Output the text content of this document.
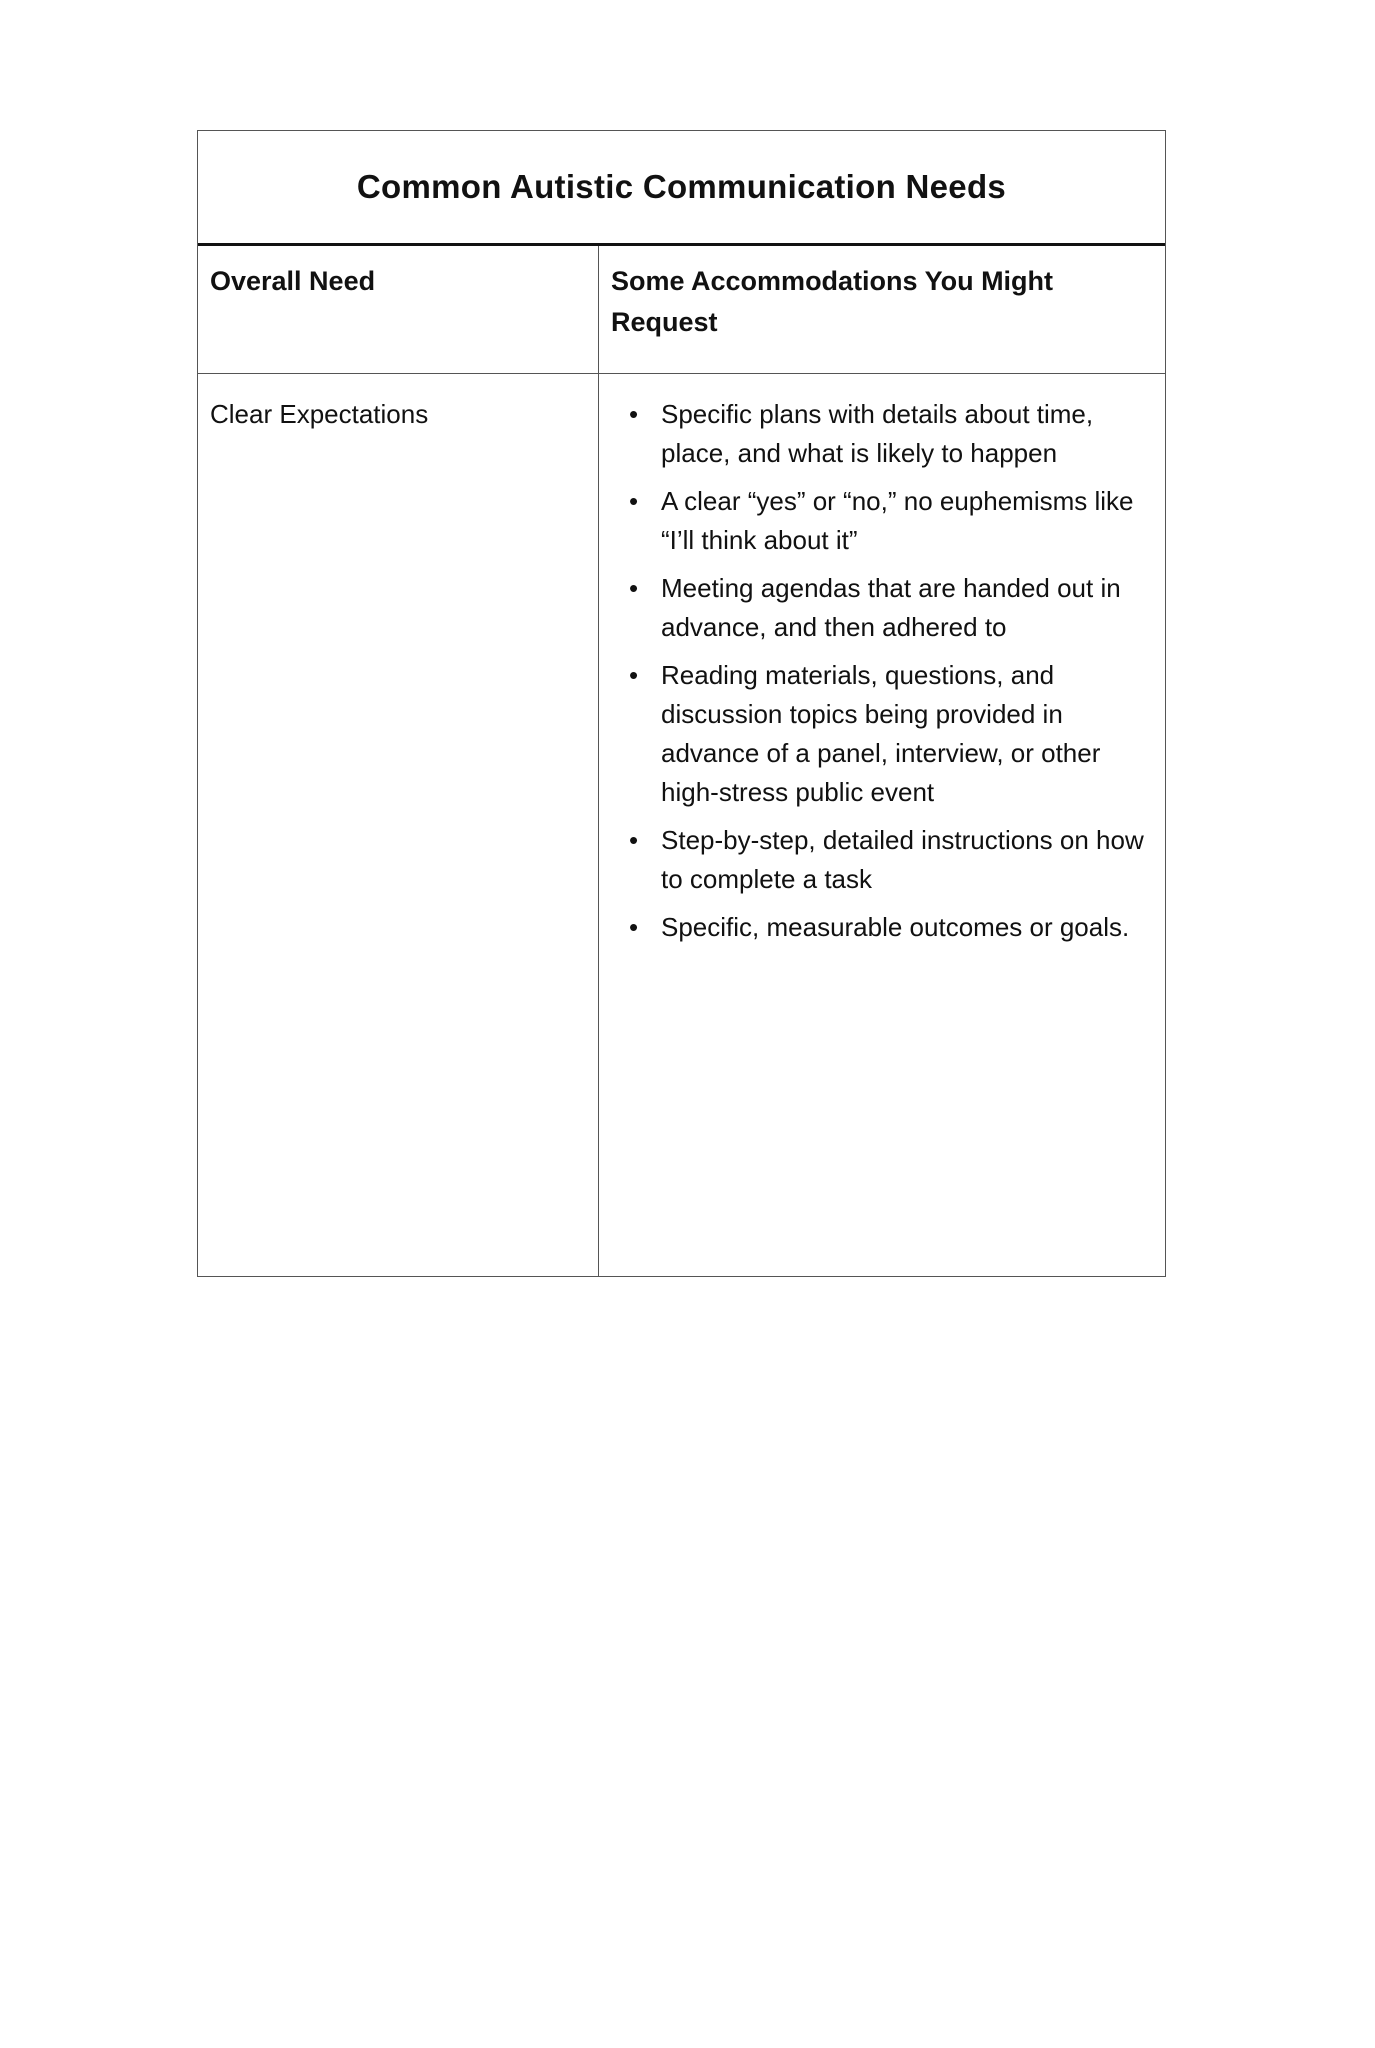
Common Autistic Communication Needs
Overall Need	Some Accommodations You Might Request
Clear Expectations	• Specific plans with details about time, place, and what is likely to happen
• A clear “yes” or “no,” no euphemisms like “I’ll think about it”
• Meeting agendas that are handed out in advance, and then adhered to
• Reading materials, questions, and discussion topics being provided in advance of a panel, interview, or other high-stress public event
• Step-by-step, detailed instructions on how to complete a task
• Specific, measurable outcomes or goals.
